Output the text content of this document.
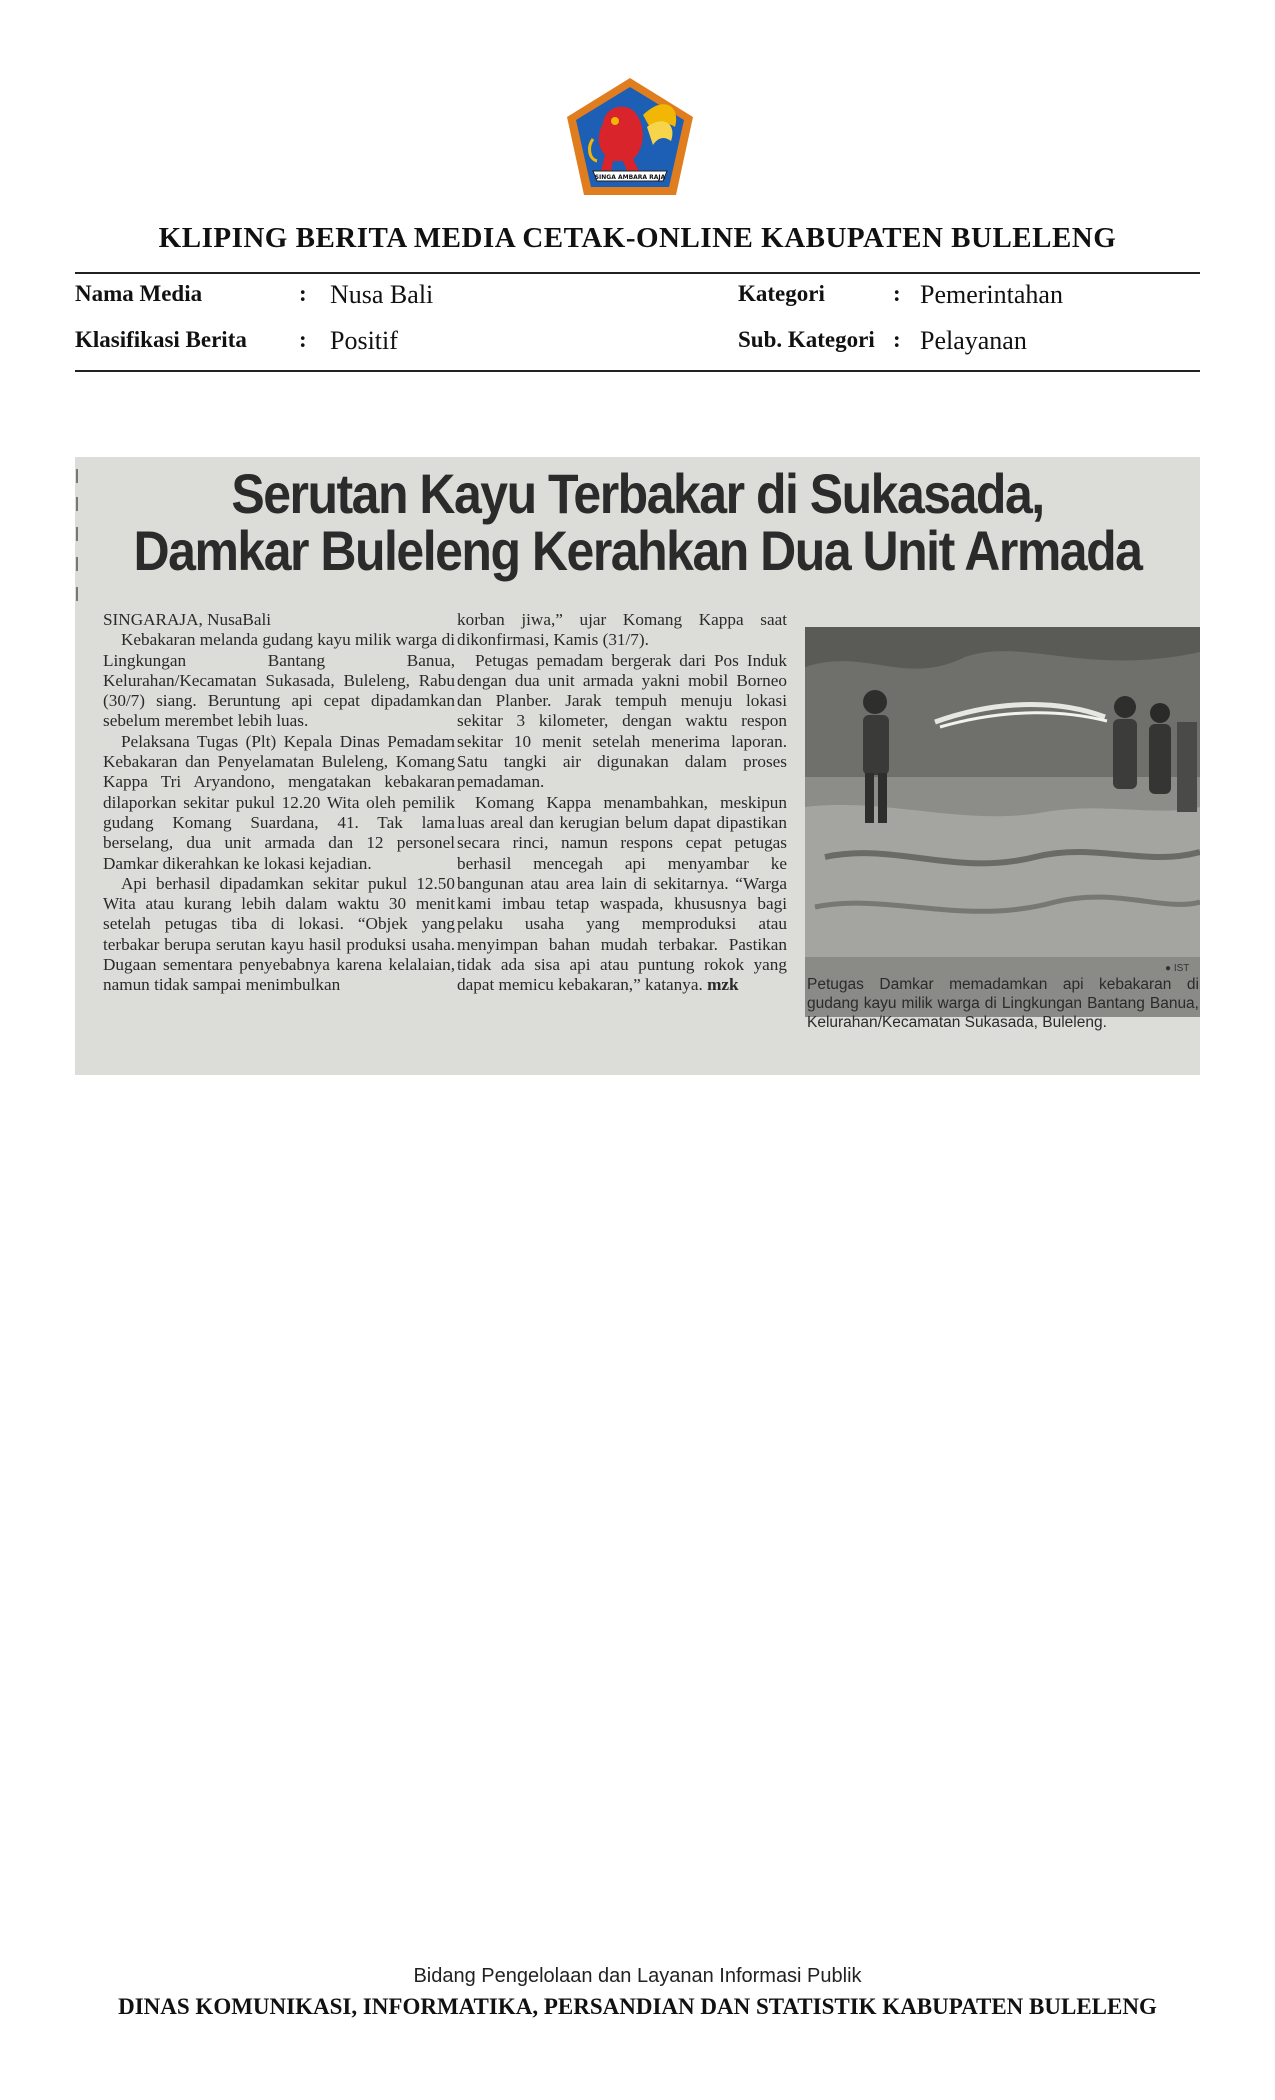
SINGA AMBARA RAJA
KLIPING BERITA MEDIA CETAK-ONLINE KABUPATEN BULELENG
Nama Media	: Nusa Bali	Kategori	: Pemerintahan
Klasifikasi Berita : Positif	Sub. Kategori : Pelayanan
Serutan Kayu Terbakar di Sukasada,
Damkar Buleleng Kerahkan Dua Unit Armada
SINGARAJA, NusaBali

Kebakaran melanda gudang kayu milik warga di Lingkungan Bantang Banua, Kelurahan/Kecamatan Sukasada, Buleleng, Rabu (30/7) siang. Beruntung api cepat dipadamkan sebelum merembet lebih luas.

Pelaksana Tugas (Plt) Kepala Dinas Pemadam Kebakaran dan Penyelamatan Buleleng, Komang Kappa Tri Aryandono, mengatakan kebakaran dilaporkan sekitar pukul 12.20 Wita oleh pemilik gudang Komang Suardana, 41. Tak lama berselang, dua unit armada dan 12 personel Damkar dikerahkan ke lokasi kejadian.

Api berhasil dipadamkan sekitar pukul 12.50 Wita atau kurang lebih dalam waktu 30 menit setelah petugas tiba di lokasi. “Objek yang terbakar berupa serutan kayu hasil produksi usaha. Dugaan sementara penyebabnya karena kelalaian, namun tidak sampai menimbulkan

korban jiwa,” ujar Komang Kappa saat dikonfirmasi, Kamis (31/7).

Petugas pemadam bergerak dari Pos Induk dengan dua unit armada yakni mobil Borneo dan Planber. Jarak tempuh menuju lokasi sekitar 3 kilometer, dengan waktu respon sekitar 10 menit setelah menerima laporan. Satu tangki air digunakan dalam proses pemadaman.

Komang Kappa menambahkan, meskipun luas areal dan kerugian belum dapat dipastikan secara rinci, namun respons cepat petugas berhasil mencegah api menyambar ke bangunan atau area lain di sekitarnya. “Warga kami imbau tetap waspada, khususnya bagi pelaku usaha yang memproduksi atau menyimpan bahan mudah terbakar. Pastikan tidak ada sisa api atau puntung rokok yang dapat memicu kebakaran,” katanya. mzk

● IST
Petugas Damkar memadamkan api kebakaran di gudang kayu milik warga di Lingkungan Bantang Banua, Kelurahan/Kecamatan Sukasada, Buleleng.
Bidang Pengelolaan dan Layanan Informasi Publik
DINAS KOMUNIKASI, INFORMATIKA, PERSANDIAN DAN STATISTIK KABUPATEN BULELENG
